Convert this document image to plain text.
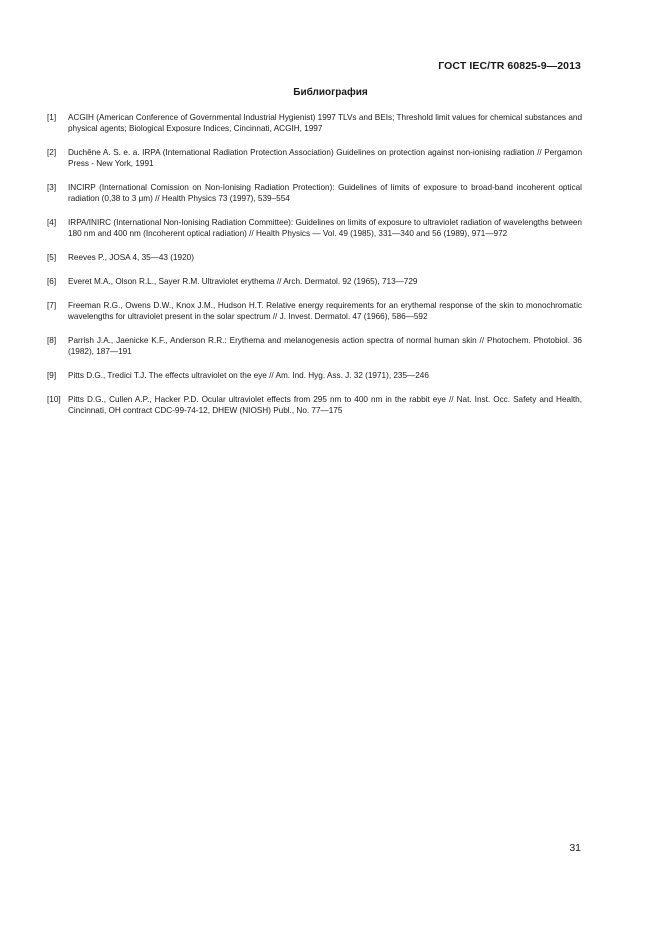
ГОСТ IEC/TR 60825-9—2013
Библиография
[1] ACGIH (American Conference of Governmental Industrial Hygienist) 1997 TLVs and BEIs; Threshold limit values for chemical substances and physical agents; Biological Exposure Indices, Cincinnati, ACGIH, 1997
[2] Duchêne A. S. e. a. IRPA (International Radiation Protection Association) Guidelines on protection against non-ionising radiation // Pergamon Press - New York, 1991
[3] INCIRP (International Comission on Non-Ionising Radiation Protection): Guidelines of limits of exposure to broad-band incoherent optical radiation (0,38 to 3 μm) // Health Physics 73 (1997), 539–554
[4] IRPA/INIRC (International Non-Ionising Radiation Committee): Guidelines on limits of exposure to ultraviolet radiation of wavelengths between 180 nm and 400 nm (Incoherent optical radiation) // Health Physics — Vol. 49 (1985), 331—340 and 56 (1989), 971—972
[5] Reeves P., JOSA 4, 35—43 (1920)
[6] Everet M.A., Olson R.L., Sayer R.M. Ultraviolet erythema // Arch. Dermatol. 92 (1965), 713—729
[7] Freeman R.G., Owens D.W., Knox J.M., Hudson H.T. Relative energy requirements for an erythemal response of the skin to monochromatic wavelengths for ultraviolet present in the solar spectrum // J. Invest. Dermatol. 47 (1966), 586—592
[8] Parrish J.A., Jaenicke K.F., Anderson R.R.: Erythema and melanogenesis action spectra of normal human skin // Photochem. Photobiol. 36 (1982), 187—191
[9] Pitts D.G., Tredici T.J. The effects ultraviolet on the eye // Am. Ind. Hyg. Ass. J. 32 (1971), 235—246
[10] Pitts D.G., Cullen A.P., Hacker P.D. Ocular ultraviolet effects from 295 nm to 400 nm in the rabbit eye // Nat. Inst. Occ. Safety and Health, Cincinnati, OH contract CDC-99-74-12, DHEW (NIOSH) Publ., No. 77—175
31
